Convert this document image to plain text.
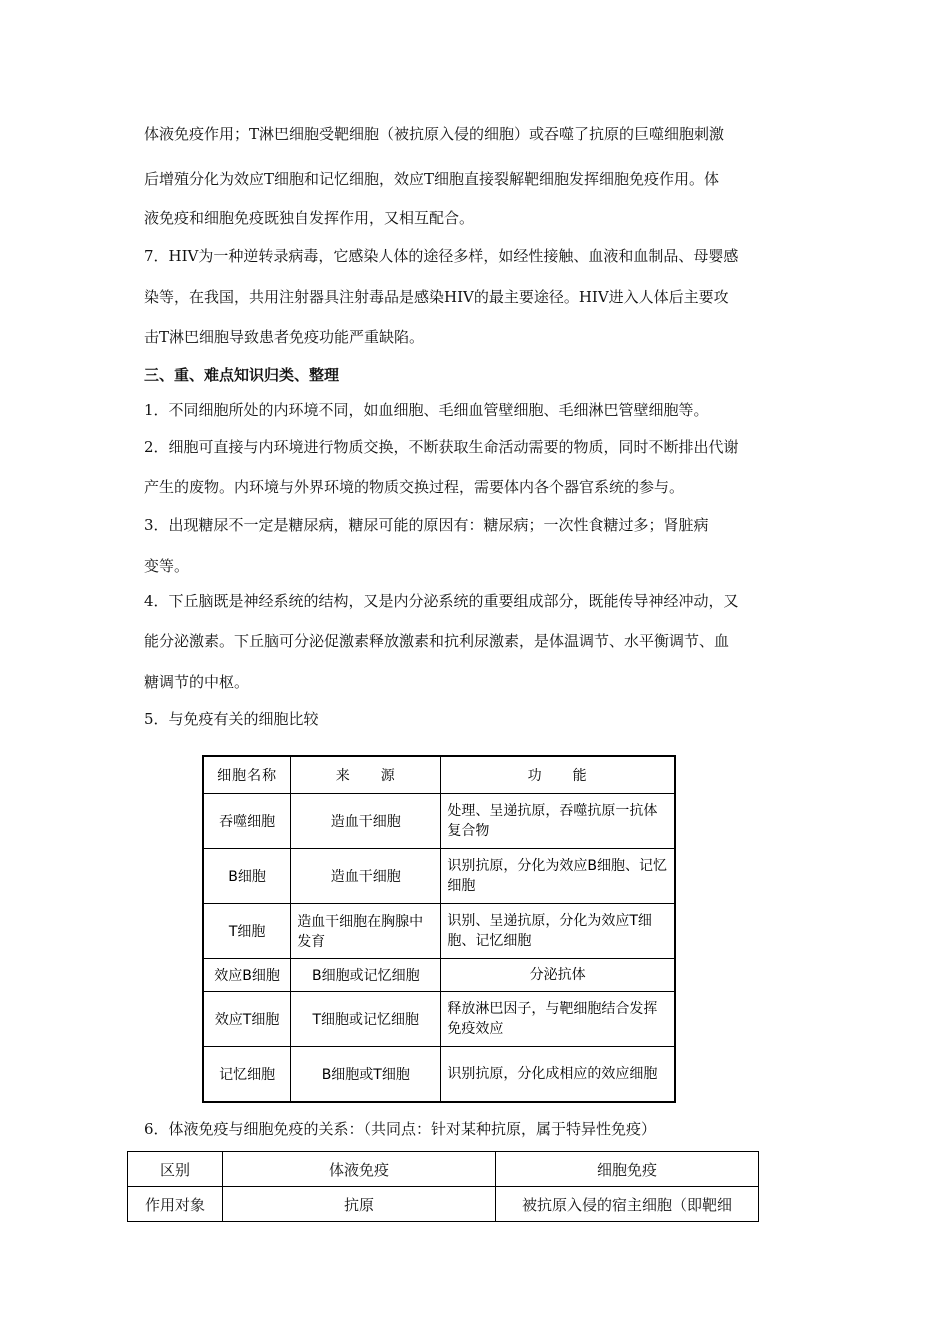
体液免疫作用；T淋巴细胞受靶细胞（被抗原入侵的细胞）或吞噬了抗原的巨噬细胞刺激
后增殖分化为效应T细胞和记忆细胞，效应T细胞直接裂解靶细胞发挥细胞免疫作用。体
液免疫和细胞免疫既独自发挥作用，又相互配合。
7．HIV为一种逆转录病毒，它感染人体的途径多样，如经性接触、血液和血制品、母婴感
染等，在我国，共用注射器具注射毒品是感染HIV的最主要途径。HIV进入人体后主要攻
击T淋巴细胞导致患者免疫功能严重缺陷。
三、重、难点知识归类、整理
1．不同细胞所处的内环境不同，如血细胞、毛细血管壁细胞、毛细淋巴管壁细胞等。
2．细胞可直接与内环境进行物质交换，不断获取生命活动需要的物质，同时不断排出代谢
产生的废物。内环境与外界环境的物质交换过程，需要体内各个器官系统的参与。
3．出现糖尿不一定是糖尿病，糖尿可能的原因有：糖尿病；一次性食糖过多；肾脏病
变等。
4．下丘脑既是神经系统的结构，又是内分泌系统的重要组成部分，既能传导神经冲动，又
能分泌激素。下丘脑可分泌促激素释放激素和抗利尿激素，是体温调节、水平衡调节、血
糖调节的中枢。
5．与免疫有关的细胞比较
细胞名称	来　　源	功　　能
吞噬细胞	造血干细胞	处理、呈递抗原，吞噬抗原一抗体复合物
B细胞	造血干细胞	识别抗原，分化为效应B细胞、记忆细胞
T细胞	造血干细胞在胸腺中发育	识别、呈递抗原，分化为效应T细胞、记忆细胞
效应B细胞	B细胞或记忆细胞	分泌抗体
效应T细胞	T细胞或记忆细胞	释放淋巴因子，与靶细胞结合发挥免疫效应
记忆细胞	B细胞或T细胞	识别抗原，分化成相应的效应细胞
6．体液免疫与细胞免疫的关系：（共同点：针对某种抗原，属于特异性免疫）
区别	体液免疫	细胞免疫
作用对象	抗原	被抗原入侵的宿主细胞（即靶细
